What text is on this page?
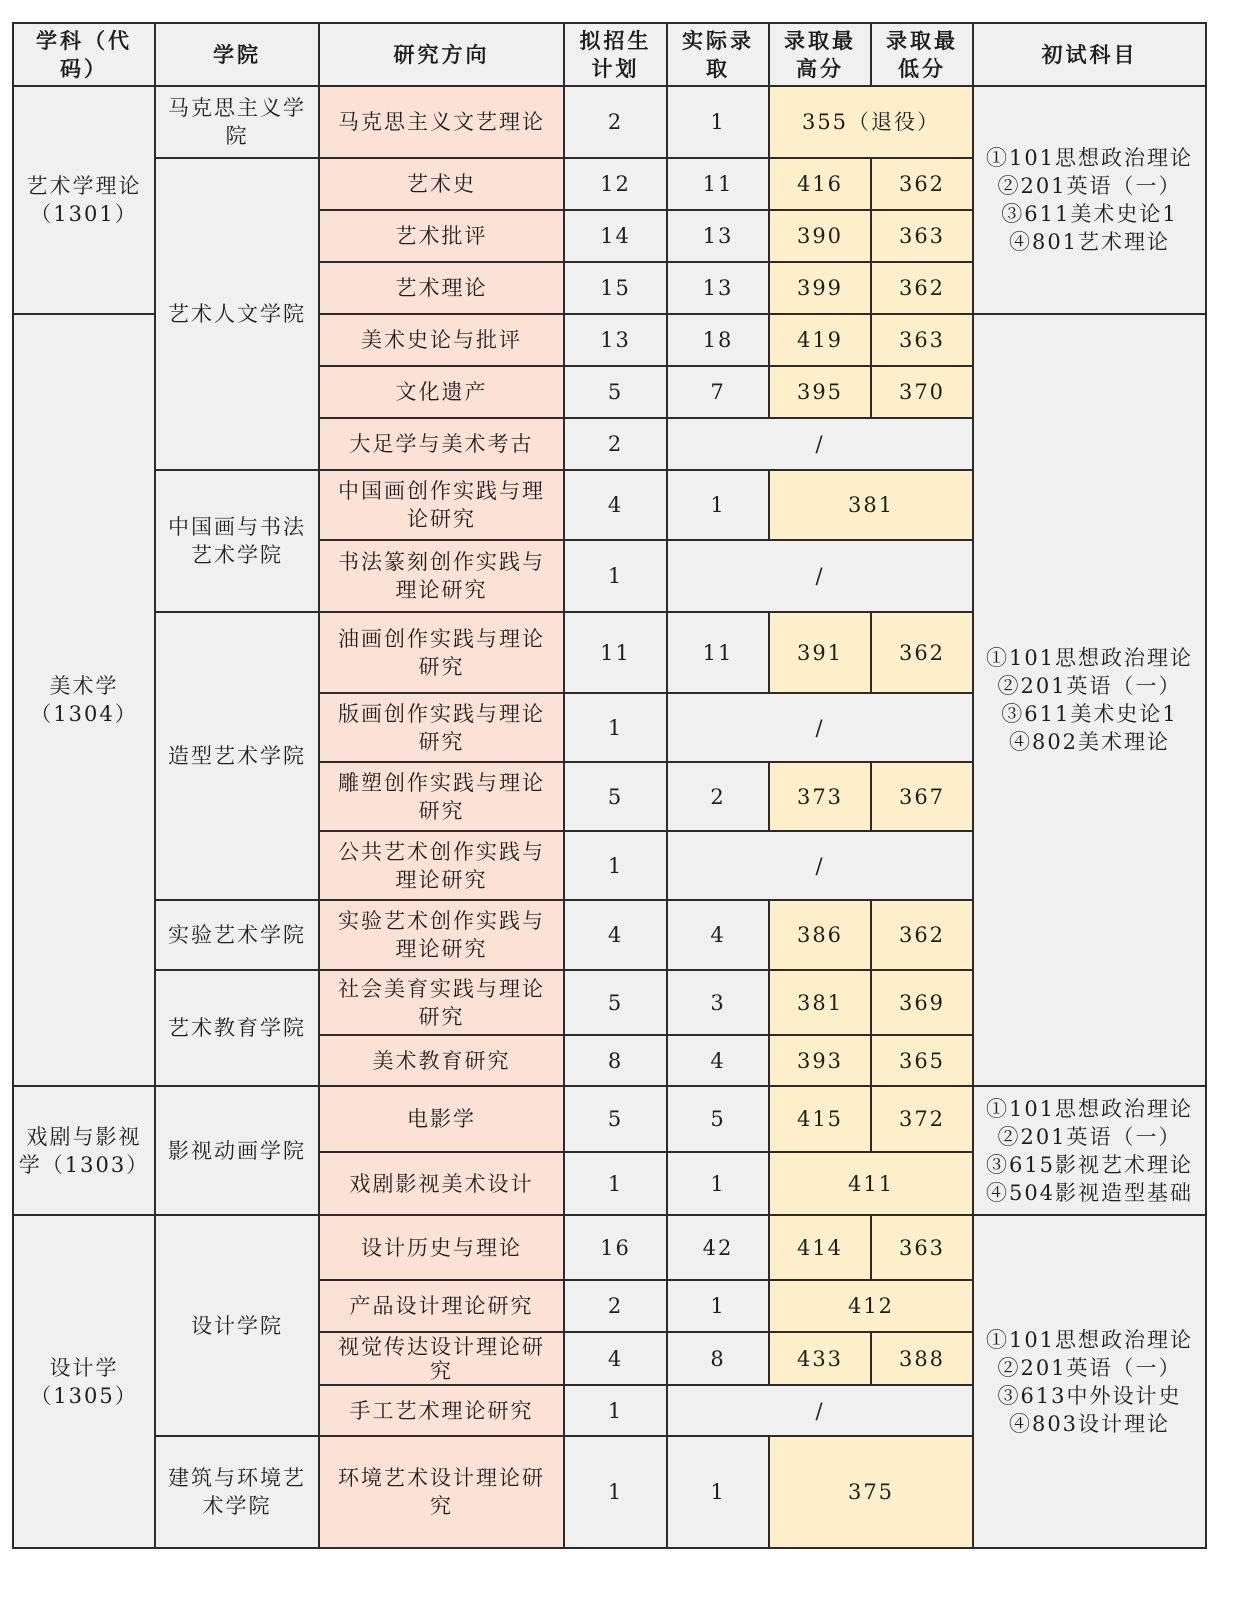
学科（代码）	学院	研究方向	拟招生计划	实际录取	录取最高分	录取最低分	初试科目

艺术学理论
（1301）	马克思主义学
院	马克思主义文艺理论	2	1	355（退役）		①101思想政治理论
②201英语（一）
③611美术史论1
④801艺术理论

	艺术人文学院	艺术史	12	11	416	362	

		艺术批评	14	13	390	363	

		艺术理论	15	13	399	362	

美术学
（1304）		美术史论与批评	13	18	419	363	①101思想政治理论
②201英语（一）
③611美术史论1
④802美术理论

		文化遗产	5	7	395	370	

		大足学与美术考古	2	/			

	中国画与书法
艺术学院	中国画创作实践与理
论研究	4	1	381		

		书法篆刻创作实践与
理论研究	1	/			

	造型艺术学院	油画创作实践与理论
研究	11	11	391	362	

		版画创作实践与理论
研究	1	/			

		雕塑创作实践与理论
研究	5	2	373	367	

		公共艺术创作实践与
理论研究	1	/			

	实验艺术学院	实验艺术创作实践与
理论研究	4	4	386	362	

	艺术教育学院	社会美育实践与理论
研究	5	3	381	369	

		美术教育研究	8	4	393	365	

戏剧与影视
学（1303）	影视动画学院	电影学	5	5	415	372	①101思想政治理论
②201英语（一）
③615影视艺术理论
④504影视造型基础

		戏剧影视美术设计	1	1	411		

设计学
（1305）	设计学院	设计历史与理论	16	42	414	363	①101思想政治理论
②201英语（一）
③613中外设计史
④803设计理论

		产品设计理论研究	2	1	412		

		视觉传达设计理论研
究	4	8	433	388	

		手工艺术理论研究	1	/			

	建筑与环境艺
术学院	环境艺术设计理论研
究	1	1	375		
